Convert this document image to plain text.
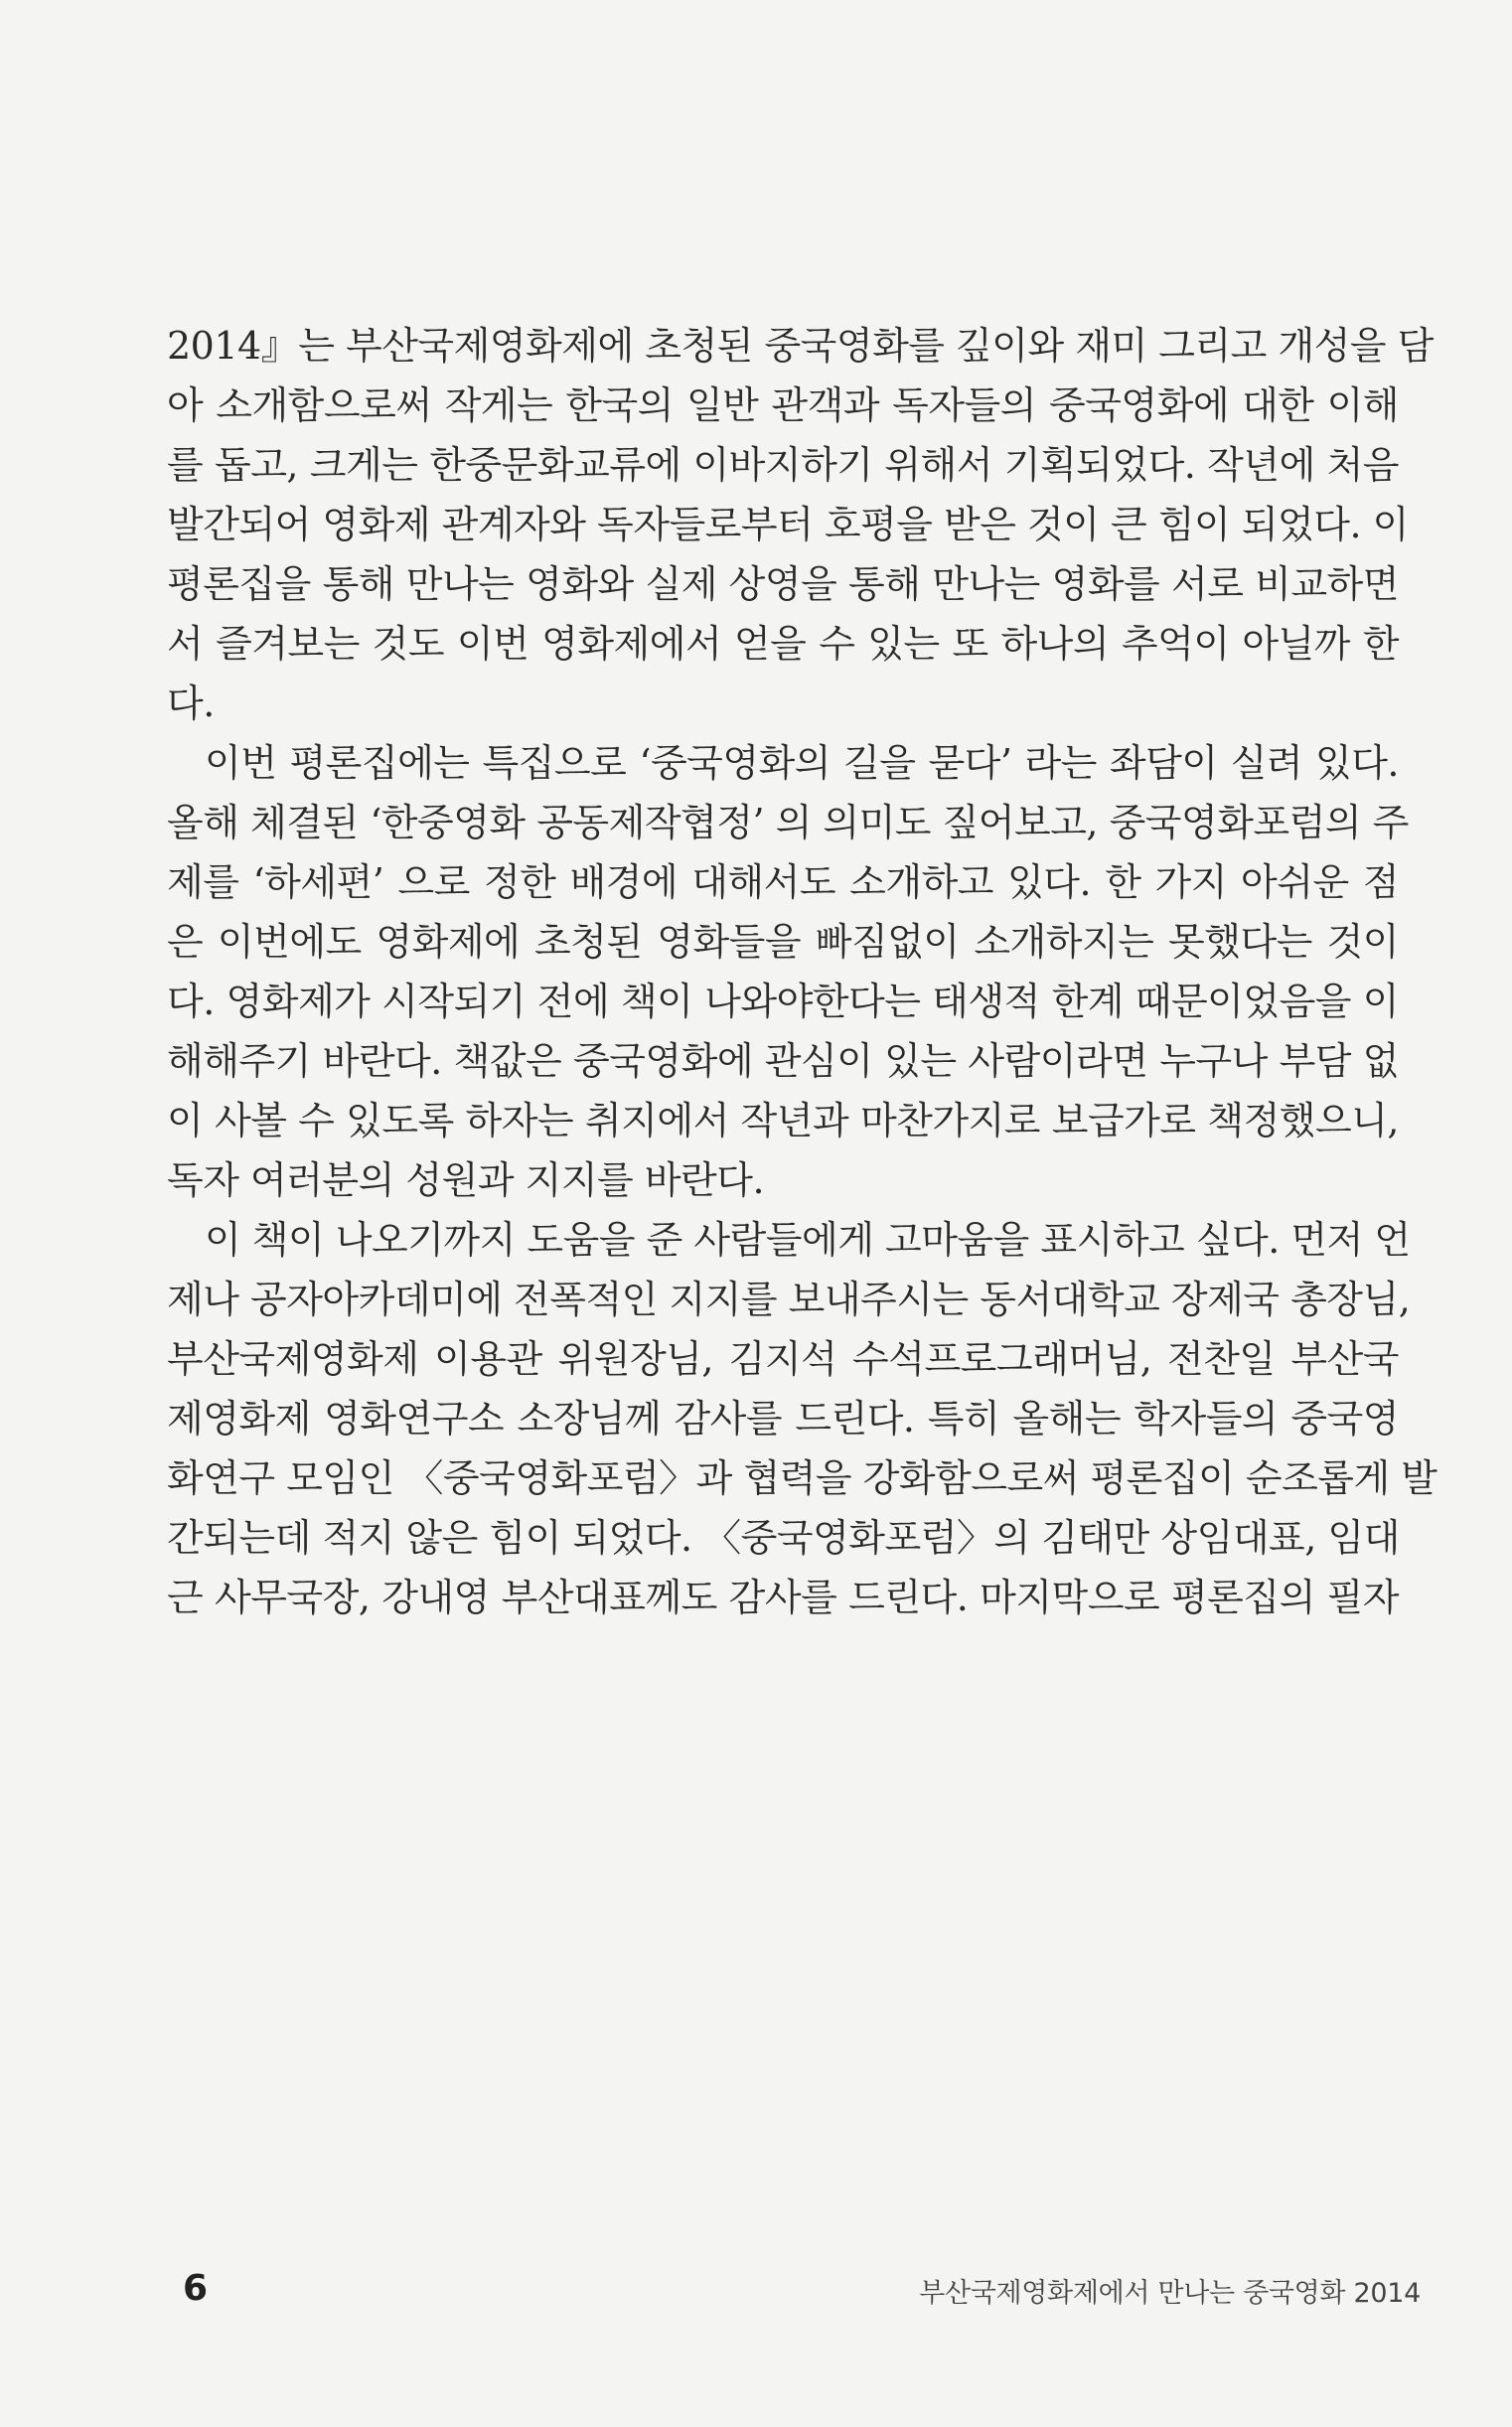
2014』는 부산국제영화제에 초청된 중국영화를 깊이와 재미 그리고 개성을 담
아 소개함으로써 작게는 한국의 일반 관객과 독자들의 중국영화에 대한 이해
를 돕고, 크게는 한중문화교류에 이바지하기 위해서 기획되었다. 작년에 처음
발간되어 영화제 관계자와 독자들로부터 호평을 받은 것이 큰 힘이 되었다. 이
평론집을 통해 만나는 영화와 실제 상영을 통해 만나는 영화를 서로 비교하면
서 즐겨보는 것도 이번 영화제에서 얻을 수 있는 또 하나의 추억이 아닐까 한
다.
이번 평론집에는 특집으로 ‘중국영화의 길을 묻다’ 라는 좌담이 실려 있다.
올해 체결된 ‘한중영화 공동제작협정’ 의 의미도 짚어보고, 중국영화포럼의 주
제를 ‘하세편’ 으로 정한 배경에 대해서도 소개하고 있다. 한 가지 아쉬운 점
은 이번에도 영화제에 초청된 영화들을 빠짐없이 소개하지는 못했다는 것이
다. 영화제가 시작되기 전에 책이 나와야한다는 태생적 한계 때문이었음을 이
해해주기 바란다. 책값은 중국영화에 관심이 있는 사람이라면 누구나 부담 없
이 사볼 수 있도록 하자는 취지에서 작년과 마찬가지로 보급가로 책정했으니,
독자 여러분의 성원과 지지를 바란다.
이 책이 나오기까지 도움을 준 사람들에게 고마움을 표시하고 싶다. 먼저 언
제나 공자아카데미에 전폭적인 지지를 보내주시는 동서대학교 장제국 총장님,
부산국제영화제 이용관 위원장님, 김지석 수석프로그래머님, 전찬일 부산국
제영화제 영화연구소 소장님께 감사를 드린다. 특히 올해는 학자들의 중국영
화연구 모임인 〈중국영화포럼〉과 협력을 강화함으로써 평론집이 순조롭게 발
간되는데 적지 않은 힘이 되었다. 〈중국영화포럼〉의 김태만 상임대표, 임대
근 사무국장, 강내영 부산대표께도 감사를 드린다. 마지막으로 평론집의 필자
6	부산국제영화제에서 만나는 중국영화 2014
